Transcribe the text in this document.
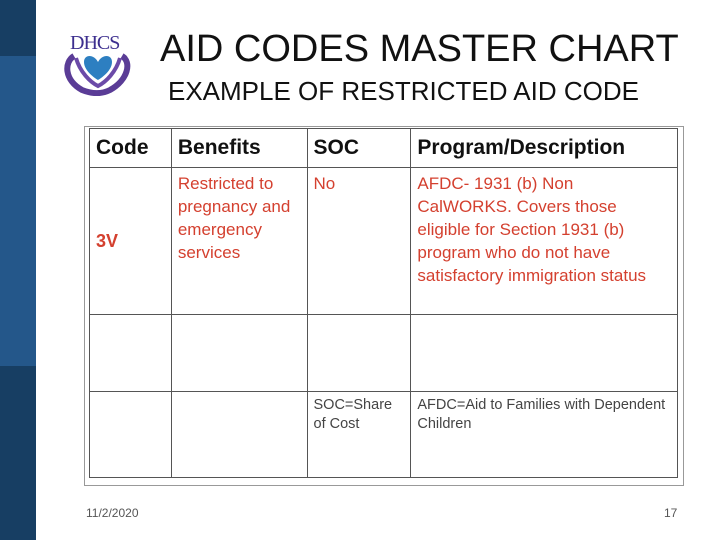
DHCS AID CODES MASTER CHART
EXAMPLE OF RESTRICTED AID CODE
Code	Benefits	SOC	Program/Description
3V	Restricted to pregnancy and emergency services	No	AFDC- 1931 (b) Non CalWORKS. Covers those eligible for Section 1931 (b) program who do not have satisfactory immigration status

		SOC=Share of Cost	AFDC=Aid to Families with Dependent Children
11/2/2020	17
